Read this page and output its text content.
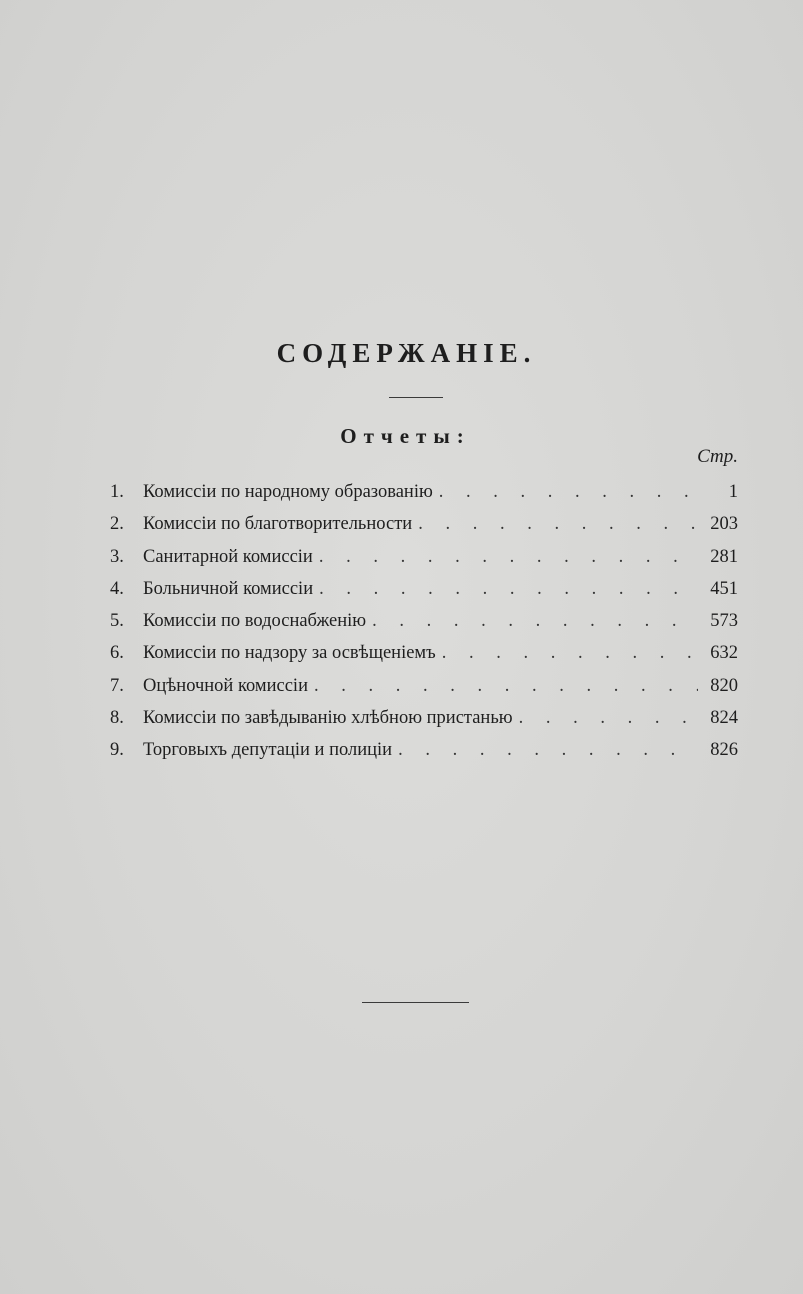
СОДЕРЖАНІЕ.
Отчеты:
Стр.
1.	Комиссіи по народному образованію . . .	1
2.	Комиссіи по благотворительности . . .	203
3.	Санитарной комиссіи . . .	281
4.	Больничной комиссіи . . .	451
5.	Комиссіи по водоснабженію . . .	573
6.	Комиссіи по надзору за освѣщеніемъ . . .	632
7.	Оцѣночной комиссіи . . .	820
8.	Комиссіи по завѣдыванію хлѣбною пристанью . . .	824
9.	Торговыхъ депутаціи и полиціи . . .	826
